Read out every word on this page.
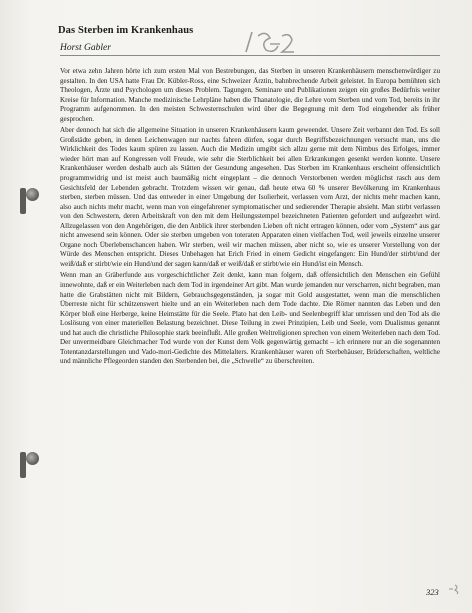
Das Sterben im Krankenhaus
Horst Gabler

Vor etwa zehn Jahren hörte ich zum ersten Mal von Bestrebungen, das Sterben in unseren Krankenhäusern menschenwürdiger zu gestalten. In den USA hatte Frau Dr. Kübler-Ross, eine Schweizer Ärztin, bahnbrechende Arbeit geleistet. In Europa bemühten sich Theologen, Ärzte und Psychologen um dieses Problem. Tagungen, Seminare und Publikationen zeigen ein großes Bedürfnis weiter Kreise für Information. Manche medizinische Lehrpläne haben die Thanatologie, die Lehre vom Sterben und vom Tod, bereits in ihr Programm aufgenommen. In den meisten Schwesternschulen wird über die Begegnung mit dem Tod eingehender als früher gesprochen.

Aber dennoch hat sich die allgemeine Situation in unseren Krankenhäusern kaum geweendet. Unsere Zeit verbannt den Tod. Es soll Großstädte geben, in denen Leichenwagen nur nachts fahren dürfen, sogar durch Begriffsbezeichnungen versucht man, uns die Wirklichkeit des Todes kaum spüren zu lassen. Auch die Medizin umgibt sich allzu gerne mit dem Nimbus des Erfolges, immer wieder hört man auf Kongressen voll Freude, wie sehr die Sterblichkeit bei allen Erkrankungen gesenkt werden konnte. Unsere Krankenhäuser werden deshalb auch als Stätten der Gesundung angesehen. Das Sterben im Krankenhaus erscheint offensichtlich programmwidrig und ist meist auch baumäßig nicht eingeplant – die dennoch Verstorbenen werden möglichst rasch aus dem Gesichtsfeld der Lebenden gebracht. Trotzdem wissen wir genau, daß heute etwa 60 % unserer Bevölkerung im Krankenhaus sterben, sterben müssen. Und das entweder in einer Umgebung der Isolierheit, verlassen vom Arzt, der nichts mehr machen kann, also auch nichts mehr macht, wenn man von eingefahrener symptomatischer und sedierender Therapie absieht. Man stirbt verlassen von den Schwestern, deren Arbeitskraft von den mit dem Heilungsstempel bezeichneten Patienten gefordert und aufgezehrt wird. Allzugelassen von den Angehörigen, die den Anblick ihrer sterbenden Lieben oft nicht ertragen können, oder vom „System“ aus gar nicht anwesend sein können. Oder sie sterben umgeben von toteraten Apparaten einen vielfachen Tod, weil jeweils einzelne unserer Organe noch Überlebenschancen haben. Wir sterben, weil wir machen müssen, aber nicht so, wie es unserer Vorstellung von der Würde des Menschen entspricht. Dieses Unbehagen hat Erich Fried in einem Gedicht eingefangen: Ein Hund/der stirbt/und der weiß/daß er stirbt/wie ein Hund/und der sagen kann/daß er weiß/daß er stirbt/wie ein Hund/ist ein Mensch.

Wenn man an Gräberfunde aus vorgeschichtlicher Zeit denkt, kann man folgern, daß offensichtlich den Menschen ein Gefühl innewohnte, daß er ein Weiterleben nach dem Tod in irgendeiner Art gibt. Man wurde jemanden nur verscharren, nicht begraben, man hatte die Grabstätten nicht mit Bildern, Gebrauchsgegenständen, ja sogar mit Gold ausgestattet, wenn man die menschlichen Überreste nicht für schützenswert hielte und an ein Weiterleben nach dem Tode dachte. Die Römer nannten das Leben und den Körper bloß eine Herberge, keine Heimstätte für die Seele. Plato hat den Leib- und Seelenbegriff klar umrissen und den Tod als die Loslösung von einer materiellen Belastung bezeichnet. Diese Teilung in zwei Prinzipien, Leib und Seele, vom Dualismus genannt und hat auch die christliche Philosophie stark beeinflußt. Alle großen Weltreligionen sprechen von einem Weiterleben nach dem Tod. Der unvermeidbare Gleichmacher Tod wurde von der Kunst dem Volk gegenwärtig gemacht – ich erinnere nur an die sogenannten Totentanzdarstellungen und Vado-mori-Gedichte des Mittelalters. Krankenhäuser waren oft Sterbehäuser, Brüderschaften, weltliche und männliche Pflegeorden standen den Sterbenden bei, die „Schwelle“ zu überschreiten.

323
